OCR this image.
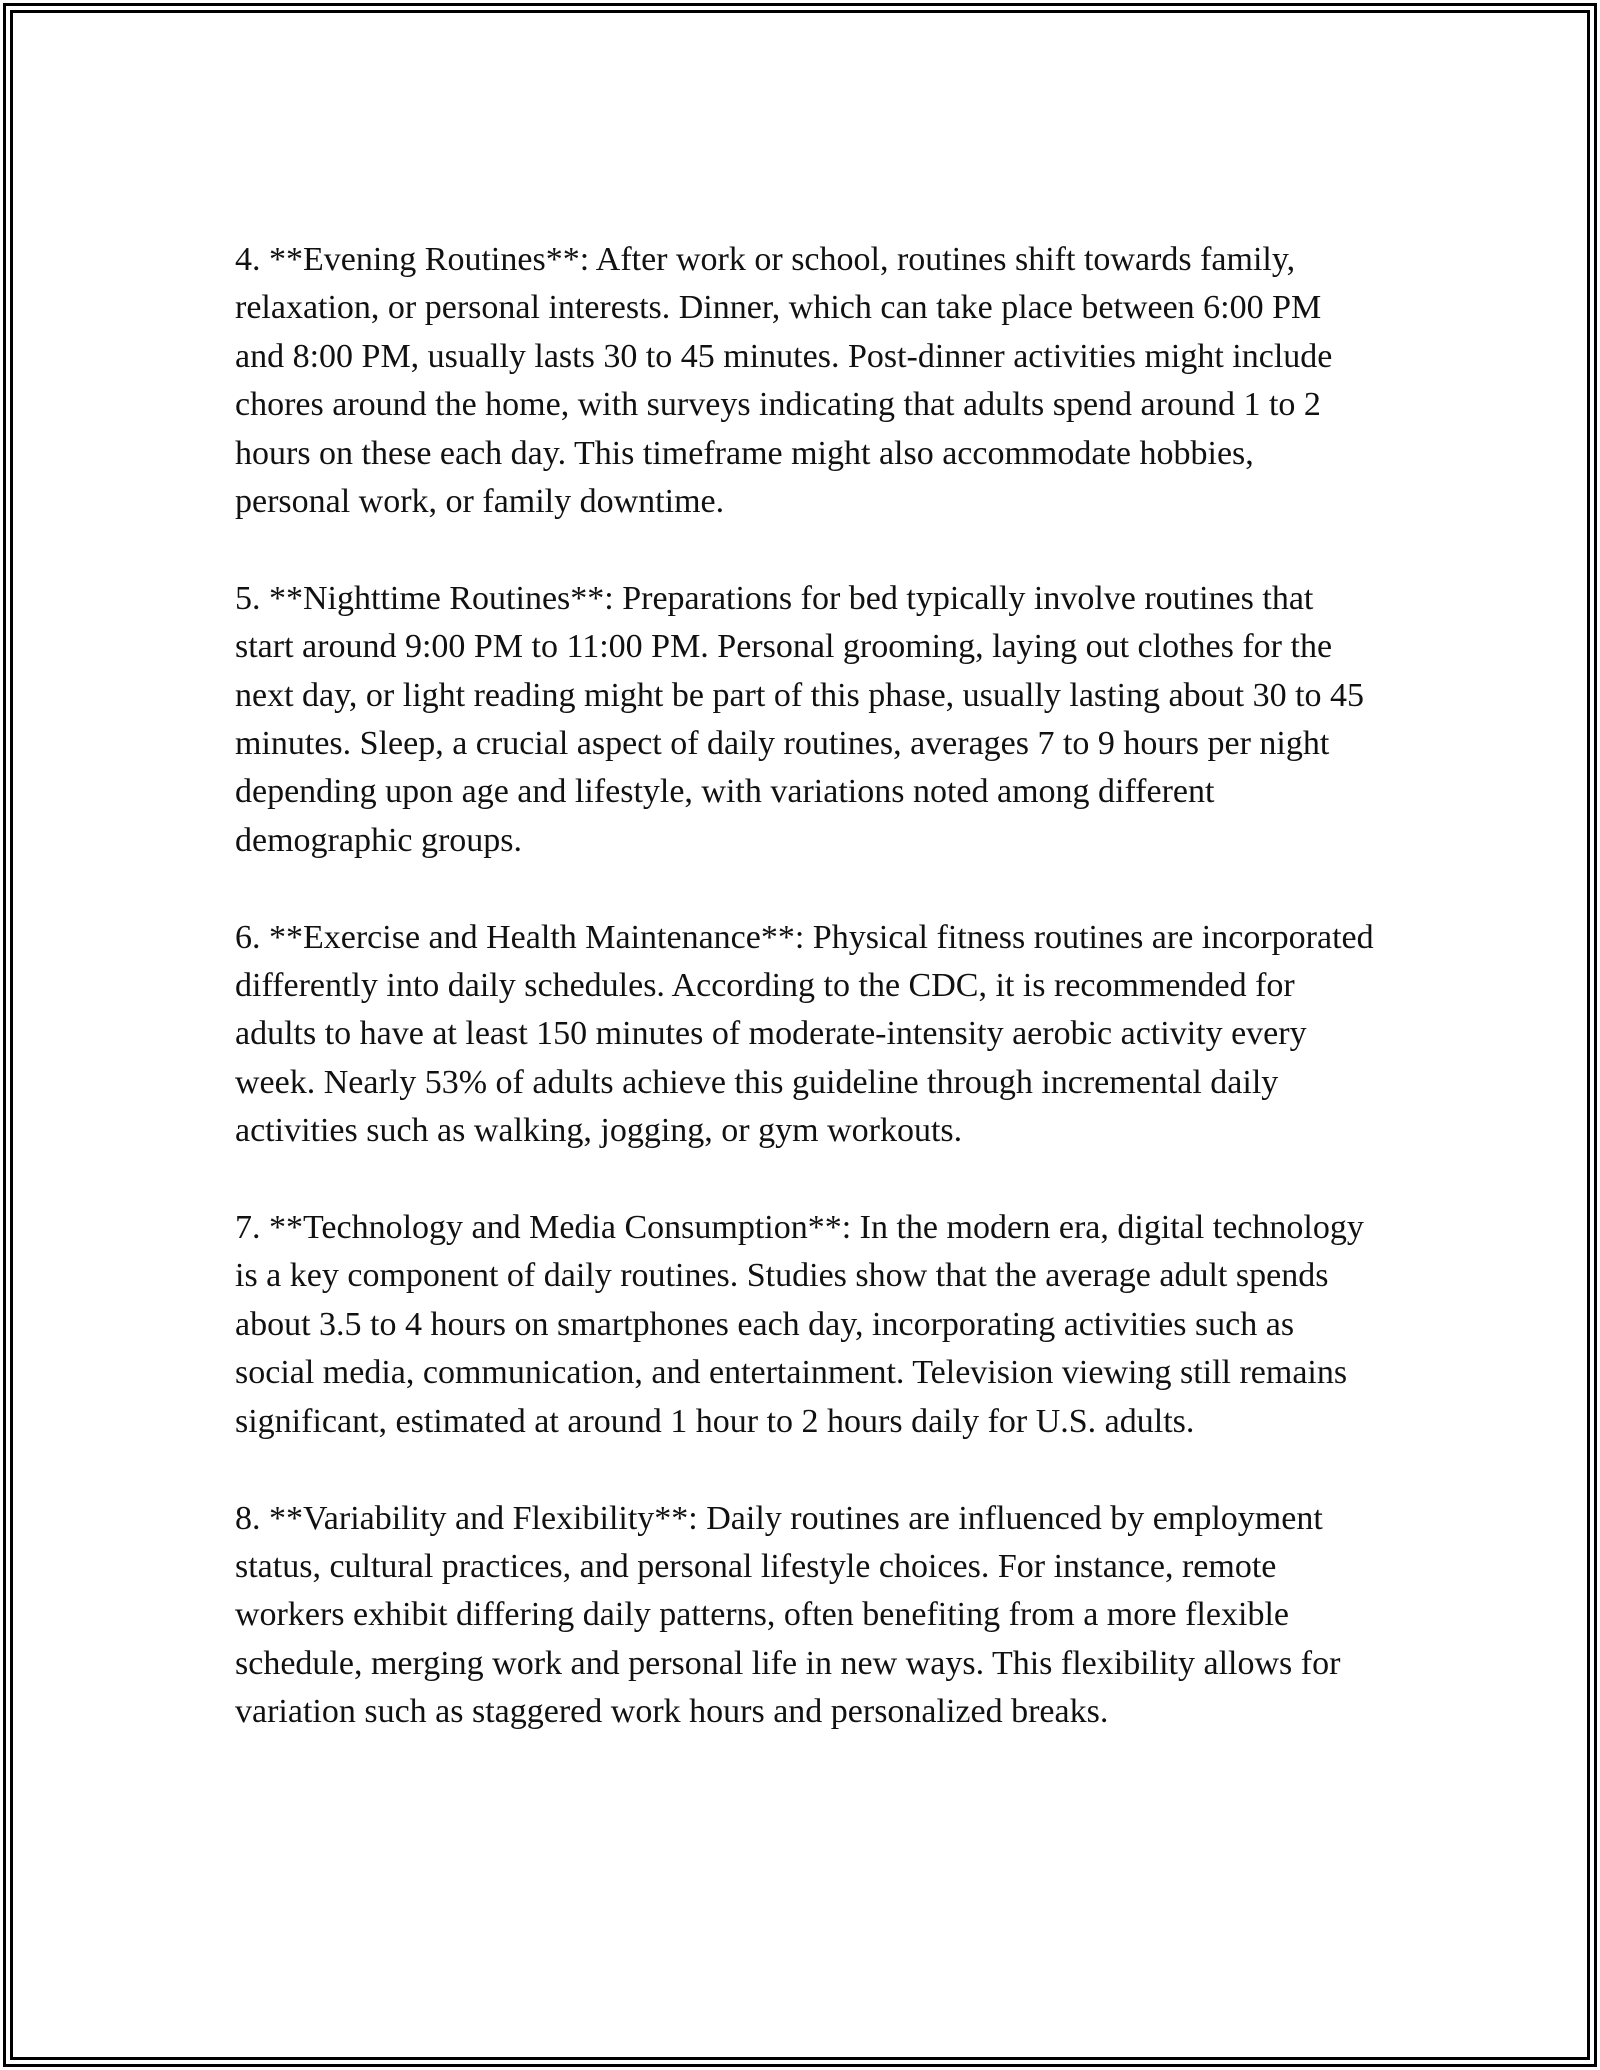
4. **Evening Routines**: After work or school, routines shift towards family, relaxation, or personal interests. Dinner, which can take place between 6:00 PM and 8:00 PM, usually lasts 30 to 45 minutes. Post-dinner activities might include chores around the home, with surveys indicating that adults spend around 1 to 2 hours on these each day. This timeframe might also accommodate hobbies, personal work, or family downtime.

5. **Nighttime Routines**: Preparations for bed typically involve routines that start around 9:00 PM to 11:00 PM. Personal grooming, laying out clothes for the next day, or light reading might be part of this phase, usually lasting about 30 to 45 minutes. Sleep, a crucial aspect of daily routines, averages 7 to 9 hours per night depending upon age and lifestyle, with variations noted among different demographic groups.

6. **Exercise and Health Maintenance**: Physical fitness routines are incorporated differently into daily schedules. According to the CDC, it is recommended for adults to have at least 150 minutes of moderate-intensity aerobic activity every week. Nearly 53% of adults achieve this guideline through incremental daily activities such as walking, jogging, or gym workouts.

7. **Technology and Media Consumption**: In the modern era, digital technology is a key component of daily routines. Studies show that the average adult spends about 3.5 to 4 hours on smartphones each day, incorporating activities such as social media, communication, and entertainment. Television viewing still remains significant, estimated at around 1 hour to 2 hours daily for U.S. adults.

8. **Variability and Flexibility**: Daily routines are influenced by employment status, cultural practices, and personal lifestyle choices. For instance, remote workers exhibit differing daily patterns, often benefiting from a more flexible schedule, merging work and personal life in new ways. This flexibility allows for variation such as staggered work hours and personalized breaks.
